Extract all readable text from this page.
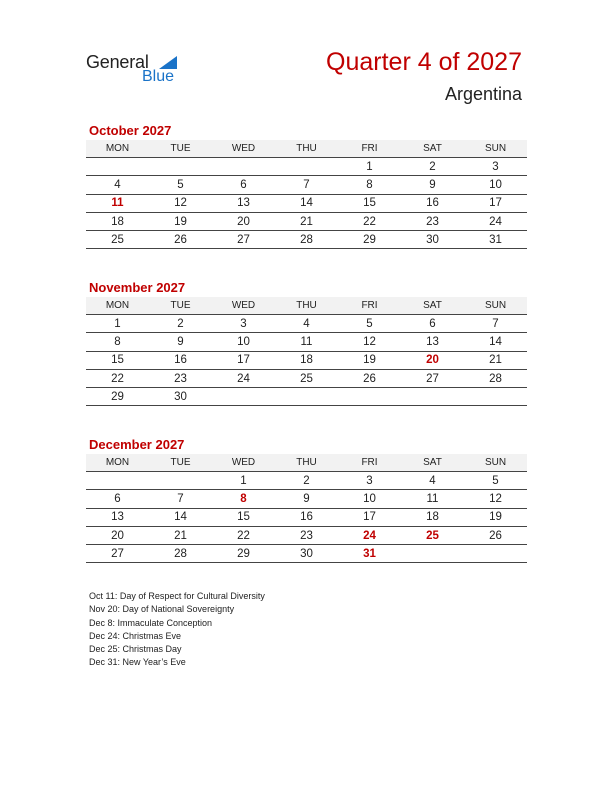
General
Blue
Quarter 4 of 2027
Argentina
October 2027
MON	TUE	WED	THU	FRI	SAT	SUN
				1	2	3
4	5	6	7	8	9	10
11	12	13	14	15	16	17
18	19	20	21	22	23	24
25	26	27	28	29	30	31
November 2027
MON	TUE	WED	THU	FRI	SAT	SUN
1	2	3	4	5	6	7
8	9	10	11	12	13	14
15	16	17	18	19	20	21
22	23	24	25	26	27	28
29	30					
December 2027
MON	TUE	WED	THU	FRI	SAT	SUN
		1	2	3	4	5
6	7	8	9	10	11	12
13	14	15	16	17	18	19
20	21	22	23	24	25	26
27	28	29	30	31		
Oct 11: Day of Respect for Cultural Diversity
Nov 20: Day of National Sovereignty
Dec 8: Immaculate Conception
Dec 24: Christmas Eve
Dec 25: Christmas Day
Dec 31: New Year’s Eve
